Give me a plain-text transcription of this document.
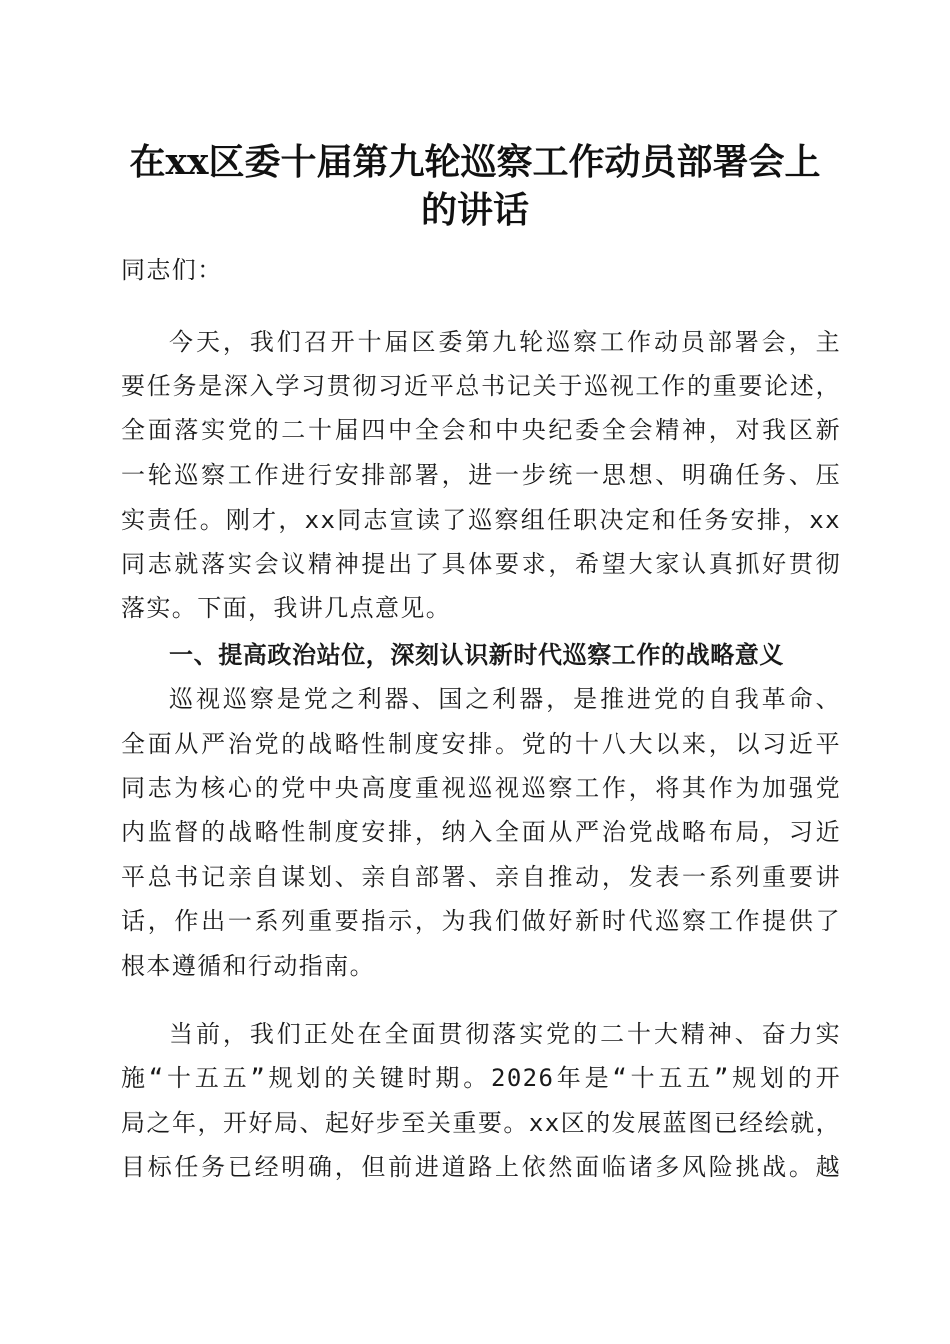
在xx区委十届第九轮巡察工作动员部署会上
的讲话
同志们：
今天，我们召开十届区委第九轮巡察工作动员部署会，主
要任务是深入学习贯彻习近平总书记关于巡视工作的重要论述，
全面落实党的二十届四中全会和中央纪委全会精神，对我区新
一轮巡察工作进行安排部署，进一步统一思想、明确任务、压
实责任。刚才，xx同志宣读了巡察组任职决定和任务安排，xx
同志就落实会议精神提出了具体要求，希望大家认真抓好贯彻
落实。下面，我讲几点意见。
一、提高政治站位，深刻认识新时代巡察工作的战略意义
巡视巡察是党之利器、国之利器，是推进党的自我革命、
全面从严治党的战略性制度安排。党的十八大以来，以习近平
同志为核心的党中央高度重视巡视巡察工作，将其作为加强党
内监督的战略性制度安排，纳入全面从严治党战略布局，习近
平总书记亲自谋划、亲自部署、亲自推动，发表一系列重要讲
话，作出一系列重要指示，为我们做好新时代巡察工作提供了
根本遵循和行动指南。
当前，我们正处在全面贯彻落实党的二十大精神、奋力实
施“十五五”规划的关键时期。2026年是“十五五”规划的开
局之年，开好局、起好步至关重要。xx区的发展蓝图已经绘就，
目标任务已经明确，但前进道路上依然面临诸多风险挑战。越
